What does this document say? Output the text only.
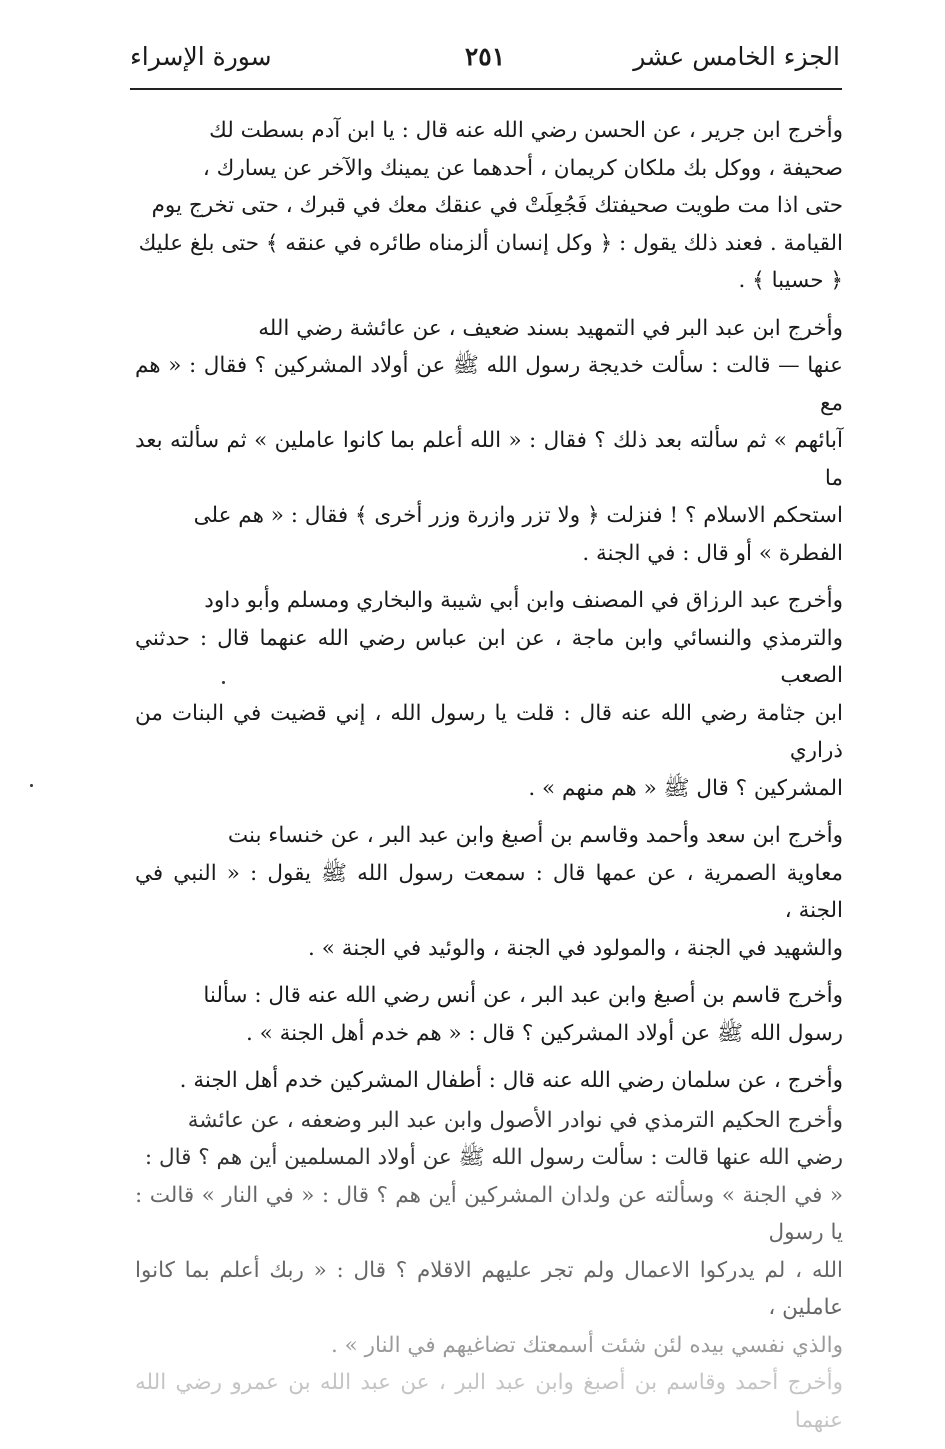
الجزء الخامس عشر
٢٥١
سورة الإسراء

وأخرج ابن جرير ، عن الحسن رضي الله عنه قال : يا ابن آدم بسطت لك
صحيفة ، ووكل بك ملكان كريمان ، أحدهما عن يمينك والآخر عن يسارك ،
حتى اذا مت طويت صحيفتك فَجُعِلَتْ في عنقك معك في قبرك ، حتى تخرج يوم
القيامة . فعند ذلك يقول : ﴿ وكل إنسان ألزمناه طائره في عنقه ﴾ حتى بلغ عليك
﴿ حسيبا ﴾ .

وأخرج ابن عبد البر في التمهيد بسند ضعيف ، عن عائشة رضي الله
عنها — قالت : سألت خديجة رسول الله ﷺ عن أولاد المشركين ؟ فقال : « هم مع
آبائهم » ثم سألته بعد ذلك ؟ فقال : « الله أعلم بما كانوا عاملين » ثم سألته بعد ما
استحكم الاسلام ؟ ! فنزلت ﴿ ولا تزر وازرة وزر أخرى ﴾ فقال : « هم على
الفطرة » أو قال : في الجنة .

وأخرج عبد الرزاق في المصنف وابن أبي شيبة والبخاري ومسلم وأبو داود
والترمذي والنسائي وابن ماجة ، عن ابن عباس رضي الله عنهما قال : حدثني الصعب
ابن جثامة رضي الله عنه قال : قلت يا رسول الله ، إني قضيت في البنات من ذراري
المشركين ؟ قال ﷺ « هم منهم » .

وأخرج ابن سعد وأحمد وقاسم بن أصبغ وابن عبد البر ، عن خنساء بنت
معاوية الصمرية ، عن عمها قال : سمعت رسول الله ﷺ يقول : « النبي في الجنة ،
والشهيد في الجنة ، والمولود في الجنة ، والوئيد في الجنة » .

وأخرج قاسم بن أصبغ وابن عبد البر ، عن أنس رضي الله عنه قال : سألنا
رسول الله ﷺ عن أولاد المشركين ؟ قال : « هم خدم أهل الجنة » .

وأخرج ، عن سلمان رضي الله عنه قال : أطفال المشركين خدم أهل الجنة .

وأخرج الحكيم الترمذي في نوادر الأصول وابن عبد البر وضعفه ، عن عائشة
رضي الله عنها قالت : سألت رسول الله ﷺ عن أولاد المسلمين أين هم ؟ قال :
« في الجنة » وسألته عن ولدان المشركين أين هم ؟ قال : « في النار » قالت : يا رسول
الله ، لم يدركوا الاعمال ولم تجر عليهم الاقلام ؟ قال : « ربك أعلم بما كانوا عاملين ،
والذي نفسي بيده لئن شئت أسمعتك تضاغيهم في النار » .
وأخرج أحمد وقاسم بن أصبغ وابن عبد البر ، عن عبد الله بن عمرو رضي الله عنهما
